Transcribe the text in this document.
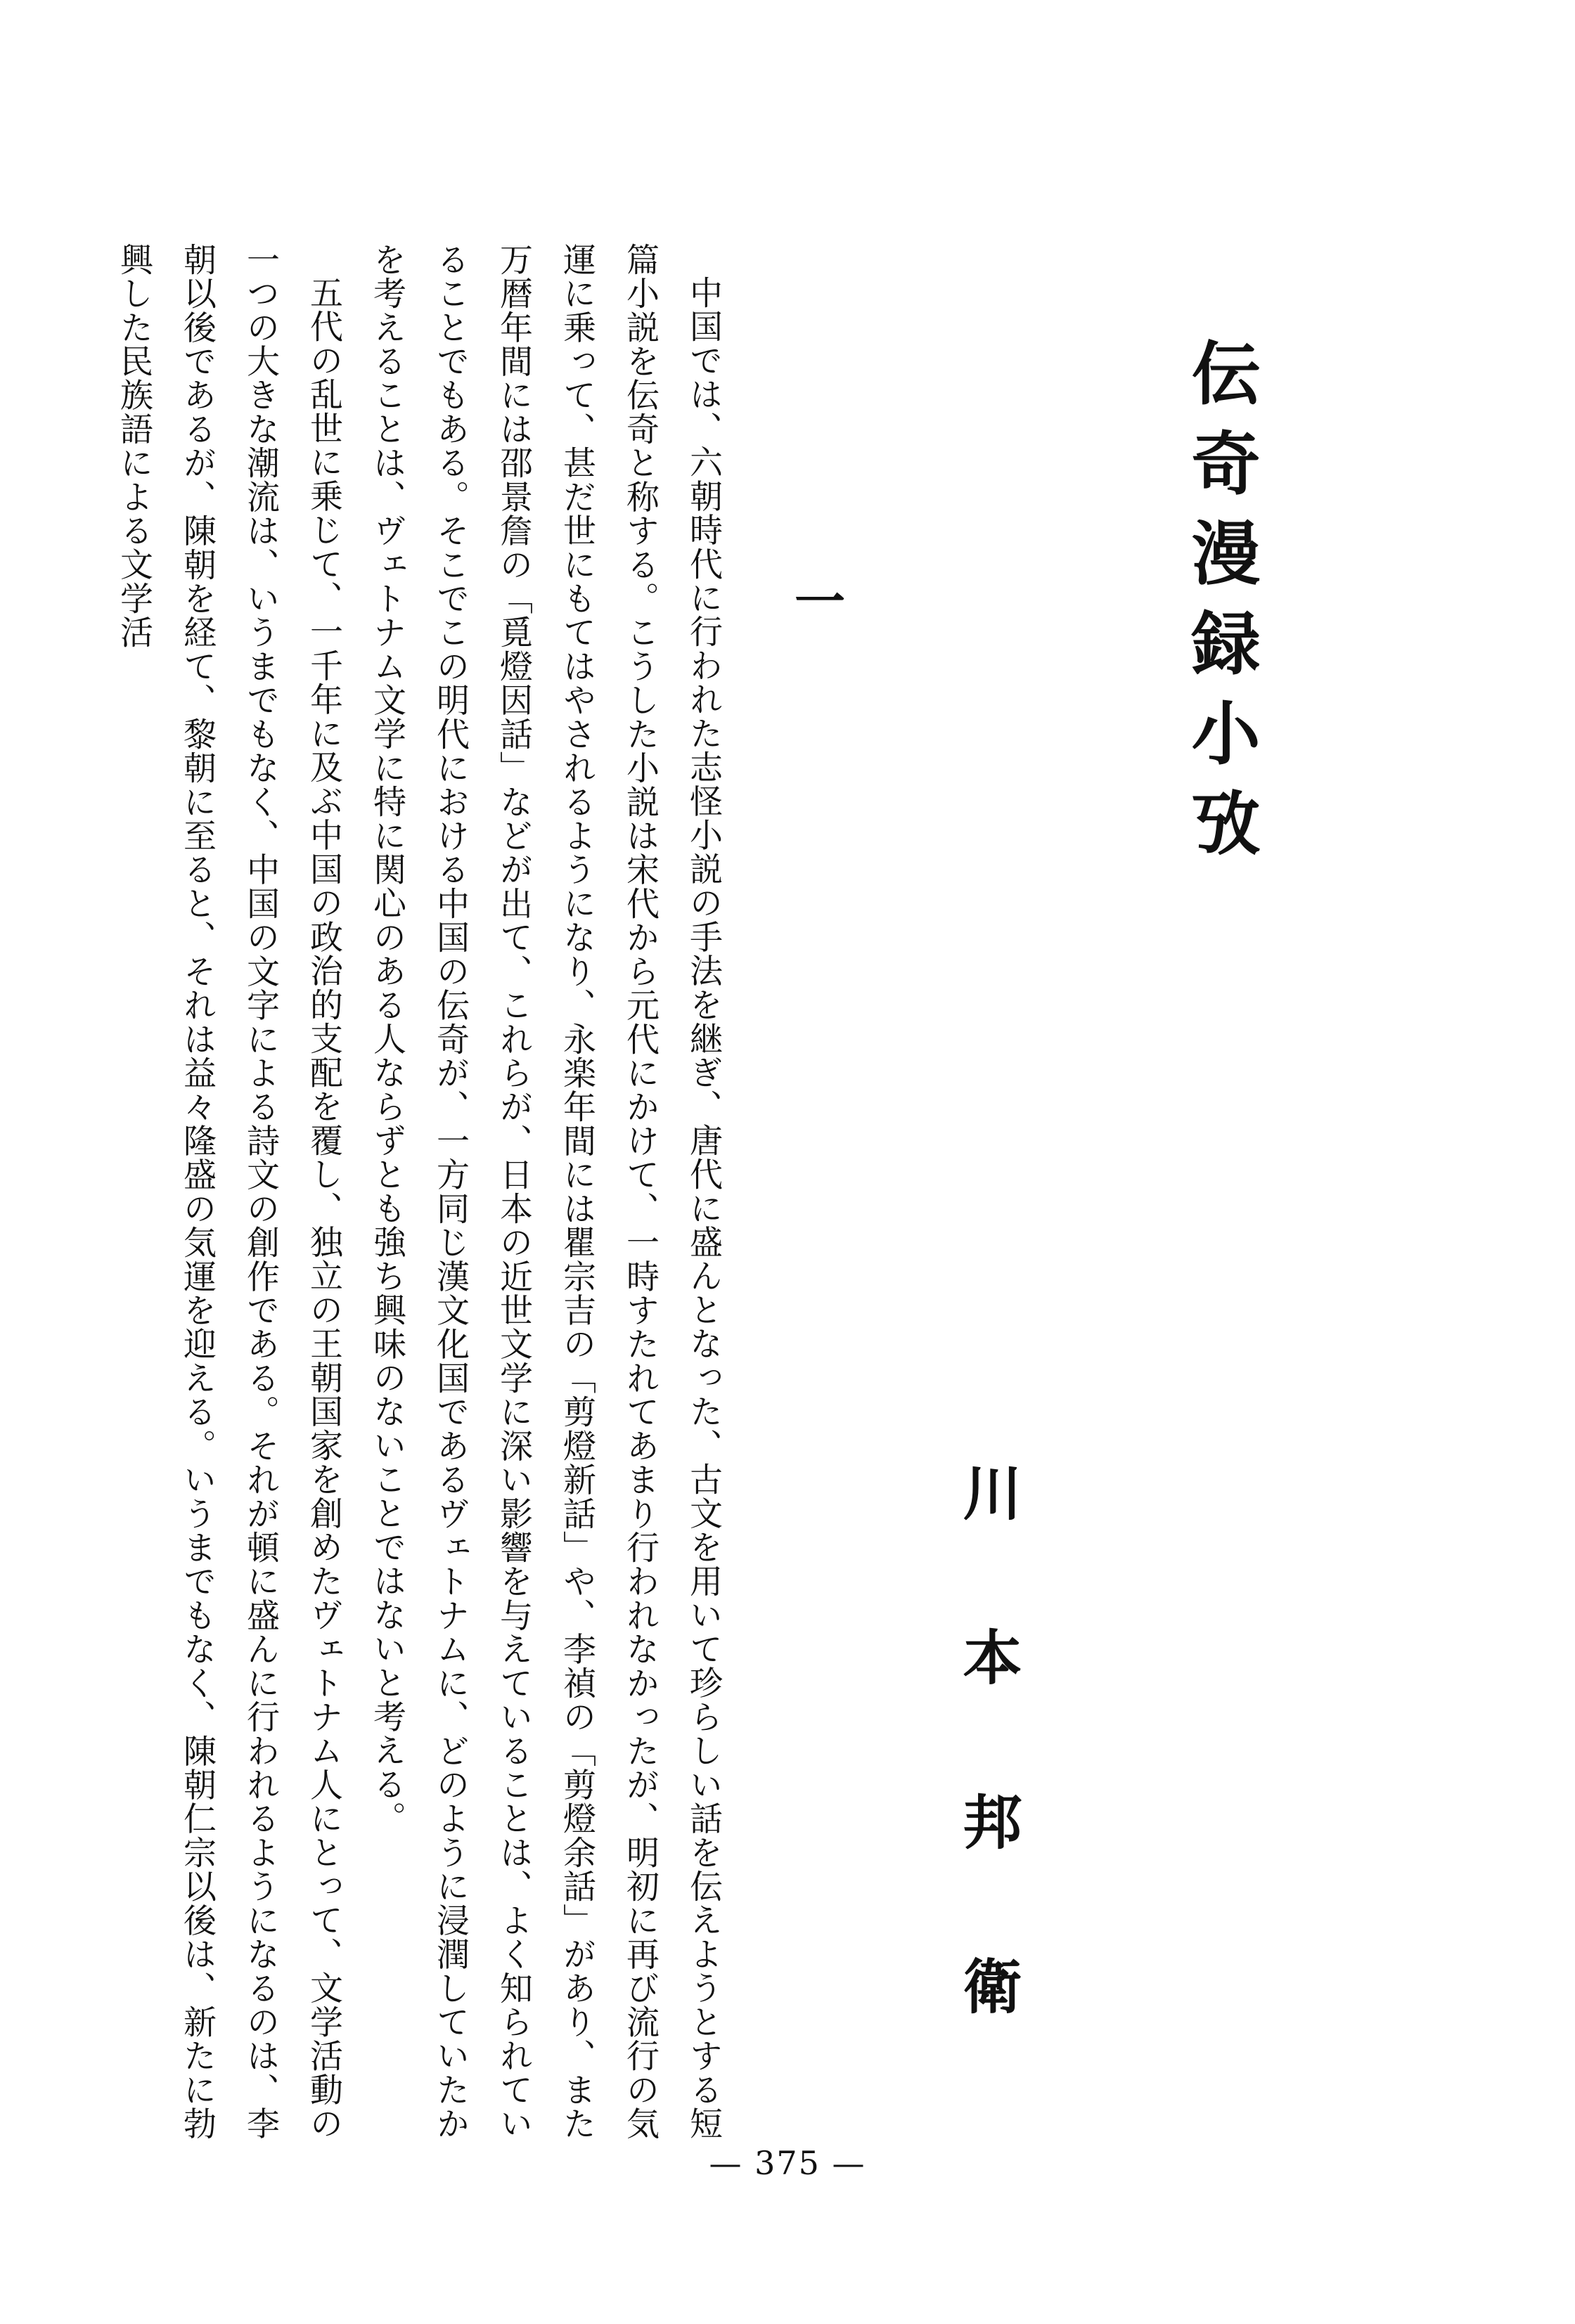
伝奇漫録小攷
川本邦衛
一

中国では、六朝時代に行われた志怪小説の手法を継ぎ、唐代に盛んとなった、古文を用いて珍らしい話を伝えようとする短篇小説を伝奇と称する。こうした小説は宋代から元代にかけて、一時すたれてあまり行われなかったが、明初に再び流行の気運に乗って、甚だ世にもてはやされるようになり、永楽年間には瞿宗吉の「剪燈新話」や、李禎の「剪燈余話」があり、また万暦年間には邵景詹の「覓燈因話」などが出て、これらが、日本の近世文学に深い影響を与えていることは、よく知られていることでもある。そこでこの明代における中国の伝奇が、一方同じ漢文化国であるヴェトナムに、どのように浸潤していたかを考えることは、ヴェトナム文学に特に関心のある人ならずとも強ち興味のないことではないと考える。

五代の乱世に乗じて、一千年に及ぶ中国の政治的支配を覆し、独立の王朝国家を創めたヴェトナム人にとって、文学活動の一つの大きな潮流は、いうまでもなく、中国の文字による詩文の創作である。それが頓に盛んに行われるようになるのは、李朝以後であるが、陳朝を経て、黎朝に至ると、それは益々隆盛の気運を迎える。いうまでもなく、陳朝仁宗以後は、新たに勃興した民族語による文学活

— 375 —
